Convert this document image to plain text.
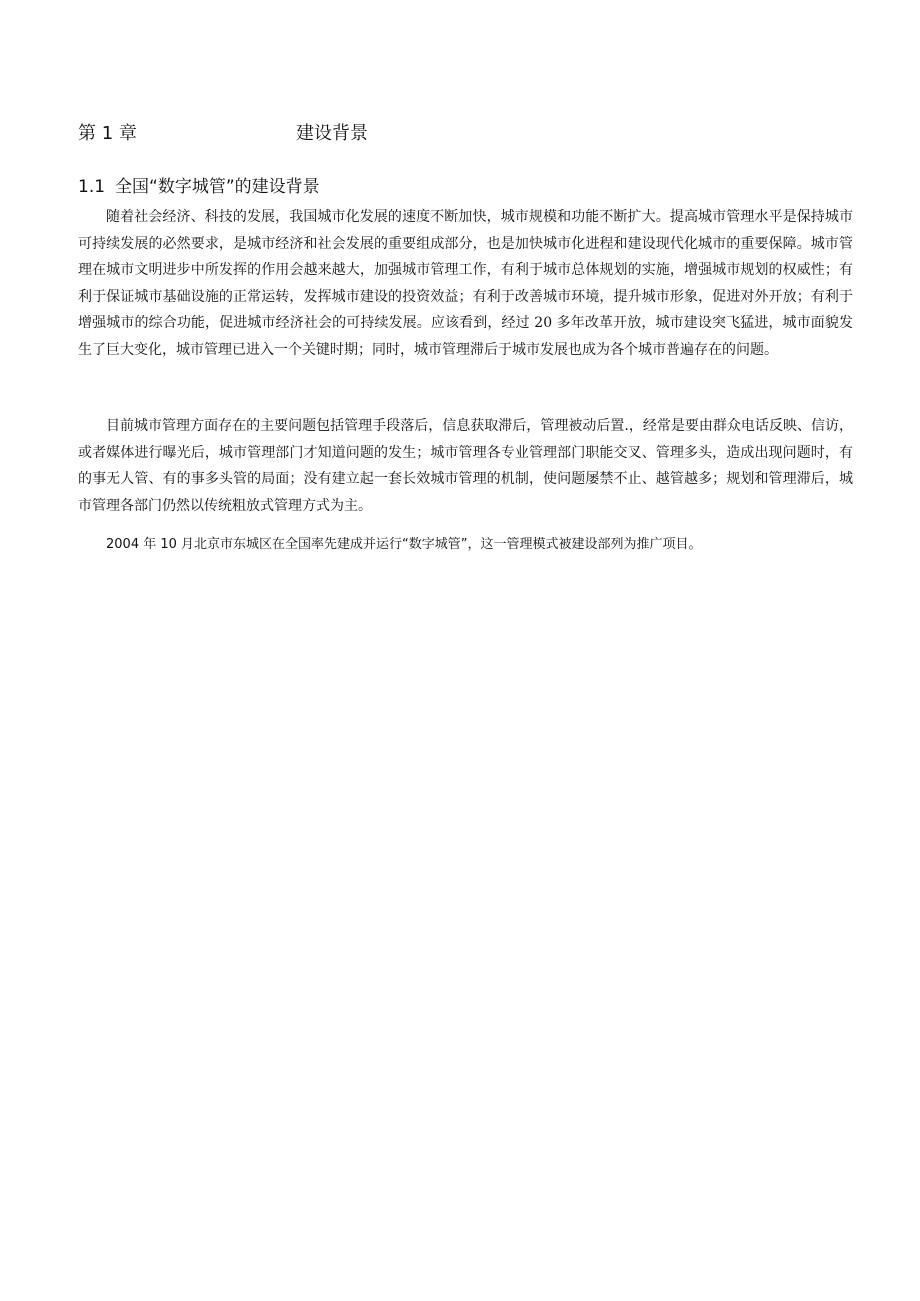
第 1 章	建设背景
1.1 全国“数字城管”的建设背景

随着社会经济、科技的发展，我国城市化发展的速度不断加快，城市规模和功能不断扩大。提高城市管理水平是保持城市可持续发展的必然要求，是城市经济和社会发展的重要组成部分，也是加快城市化进程和建设现代化城市的重要保障。城市管理在城市文明进步中所发挥的作用会越来越大，加强城市管理工作，有利于城市总体规划的实施，增强城市规划的权威性；有利于保证城市基础设施的正常运转，发挥城市建设的投资效益；有利于改善城市环境，提升城市形象，促进对外开放；有利于增强城市的综合功能，促进城市经济社会的可持续发展。应该看到，经过 20 多年改革开放，城市建设突飞猛进，城市面貌发生了巨大变化，城市管理已进入一个关键时期；同时，城市管理滞后于城市发展也成为各个城市普遍存在的问题。

目前城市管理方面存在的主要问题包括管理手段落后，信息获取滞后，管理被动后置.，经常是要由群众电话反映、信访，或者媒体进行曝光后，城市管理部门才知道问题的发生；城市管理各专业管理部门职能交叉、管理多头，造成出现问题时，有的事无人管、有的事多头管的局面；没有建立起一套长效城市管理的机制，使问题屡禁不止、越管越多；规划和管理滞后，城市管理各部门仍然以传统粗放式管理方式为主。

2004 年 10 月北京市东城区在全国率先建成并运行“数字城管”，这一管理模式被建设部列为推广项目。
